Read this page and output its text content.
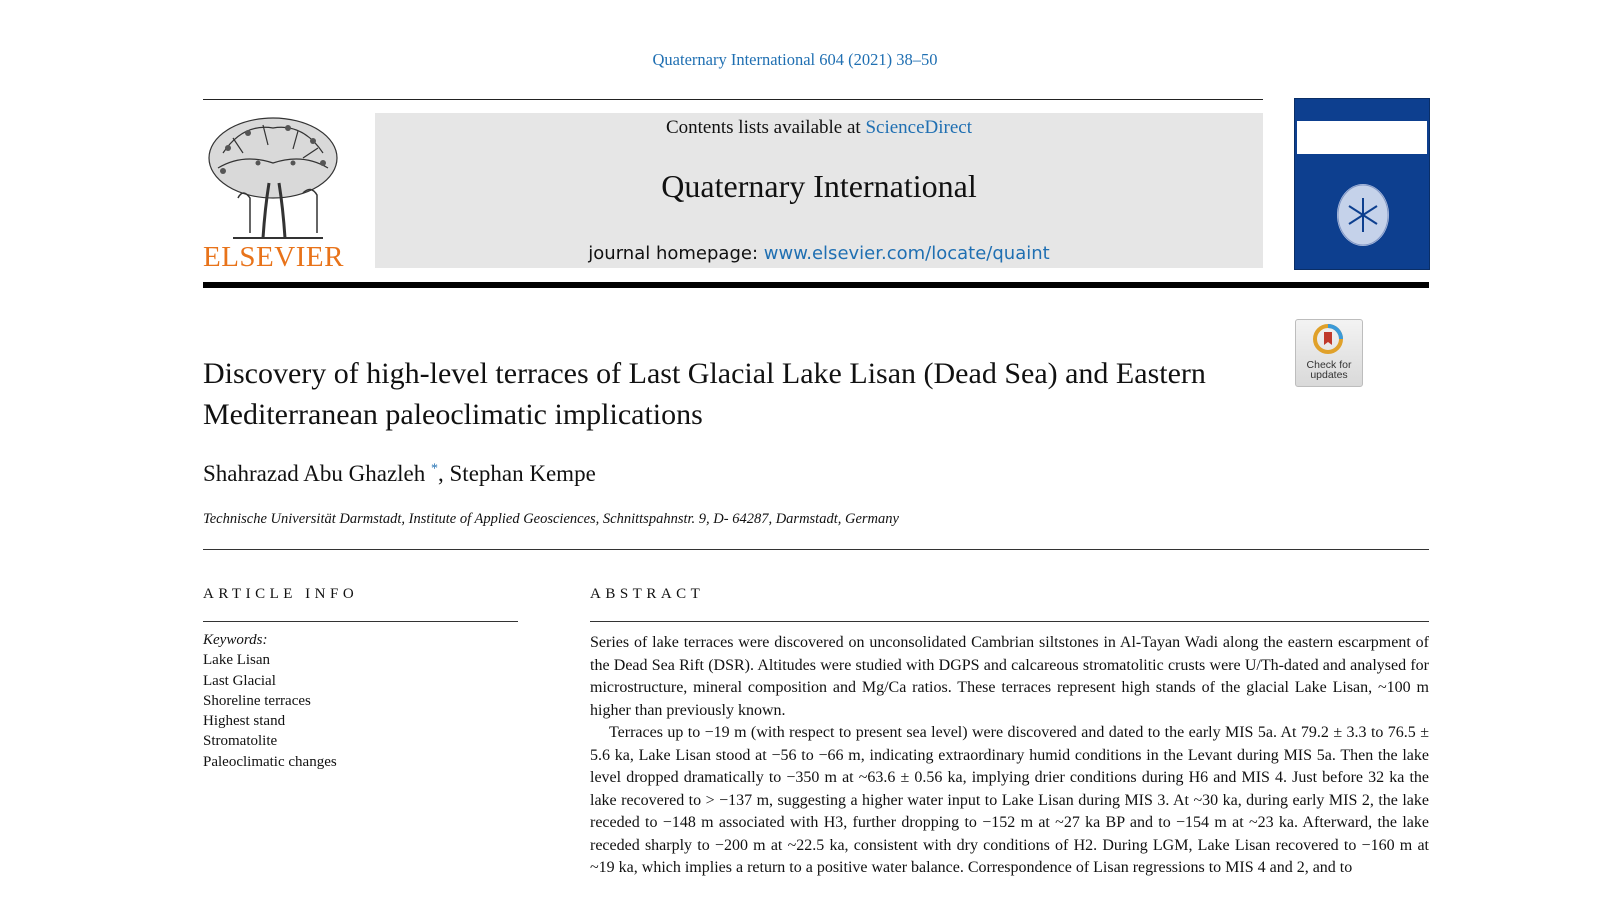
Quaternary International 604 (2021) 38–50
ELSEVIER
Contents lists available at ScienceDirect
Quaternary International
journal homepage: www.elsevier.com/locate/quaint
Check for
updates
Discovery of high-level terraces of Last Glacial Lake Lisan (Dead Sea) and Eastern Mediterranean paleoclimatic implications
Shahrazad Abu Ghazleh *, Stephan Kempe
Technische Universität Darmstadt, Institute of Applied Geosciences, Schnittspahnstr. 9, D- 64287, Darmstadt, Germany
ARTICLE INFO
Keywords:
Lake Lisan
Last Glacial
Shoreline terraces
Highest stand
Stromatolite
Paleoclimatic changes
ABSTRACT

Series of lake terraces were discovered on unconsolidated Cambrian siltstones in Al-Tayan Wadi along the eastern escarpment of the Dead Sea Rift (DSR). Altitudes were studied with DGPS and calcareous stromatolitic crusts were U/Th-dated and analysed for microstructure, mineral composition and Mg/Ca ratios. These terraces represent high stands of the glacial Lake Lisan, ~100 m higher than previously known.

Terraces up to −19 m (with respect to present sea level) were discovered and dated to the early MIS 5a. At 79.2 ± 3.3 to 76.5 ± 5.6 ka, Lake Lisan stood at −56 to −66 m, indicating extraordinary humid conditions in the Levant during MIS 5a. Then the lake level dropped dramatically to −350 m at ~63.6 ± 0.56 ka, implying drier conditions during H6 and MIS 4. Just before 32 ka the lake recovered to > −137 m, suggesting a higher water input to Lake Lisan during MIS 3. At ~30 ka, during early MIS 2, the lake receded to −148 m associated with H3, further dropping to −152 m at ~27 ka BP and to −154 m at ~23 ka. Afterward, the lake receded sharply to −200 m at ~22.5 ka, consistent with dry conditions of H2. During LGM, Lake Lisan recovered to −160 m at ~19 ka, which implies a return to a positive water balance. Correspondence of Lisan regressions to MIS 4 and 2, and to
